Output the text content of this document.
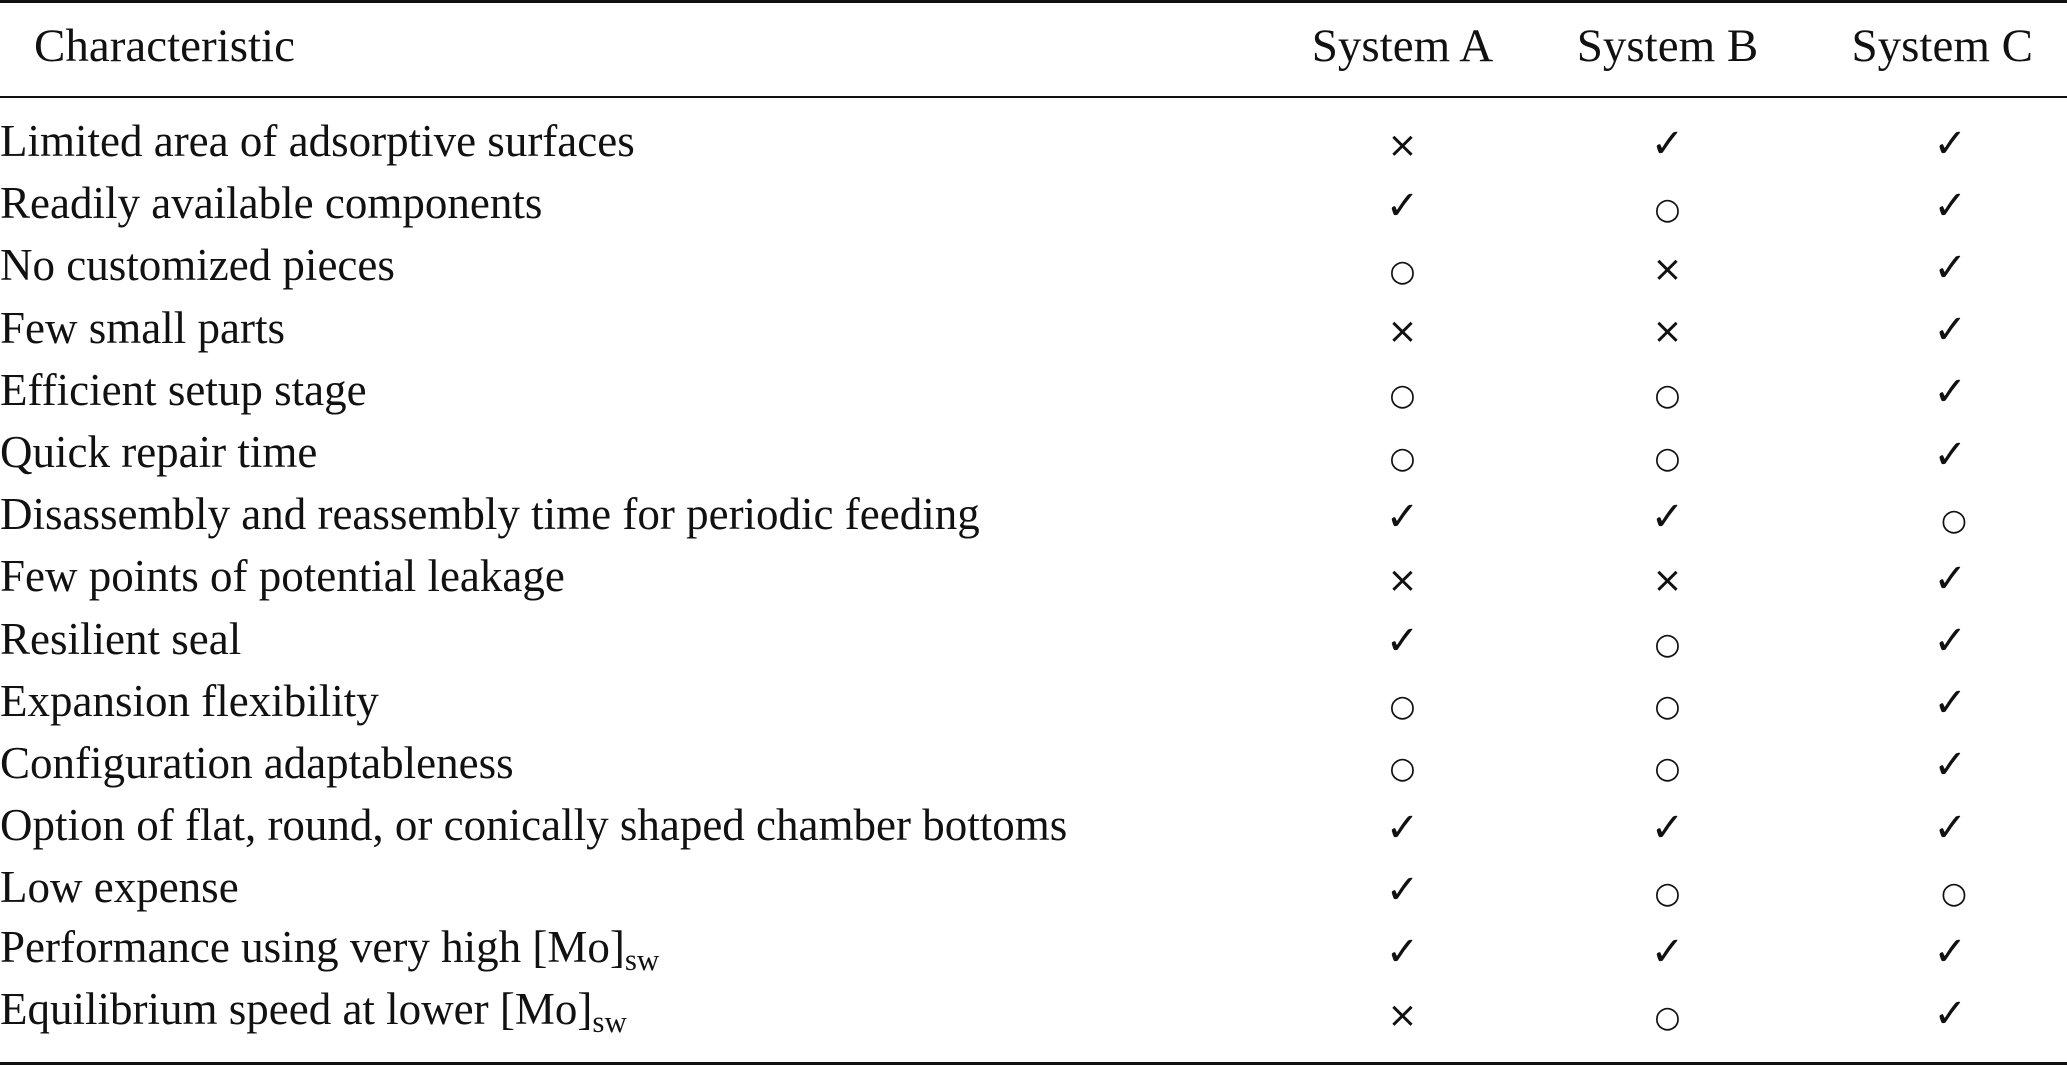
Characteristic	System A	System B	System C

Limited area of adsorptive surfaces	×	✓	✓
Readily available components	✓	○	✓
No customized pieces	○	×	✓
Few small parts	×	×	✓
Efficient setup stage	○	○	✓
Quick repair time	○	○	✓
Disassembly and reassembly time for periodic feeding	✓	✓	○
Few points of potential leakage	×	×	✓
Resilient seal	✓	○	✓
Expansion flexibility	○	○	✓
Configuration adaptableness	○	○	✓
Option of flat, round, or conically shaped chamber bottoms	✓	✓	✓
Low expense	✓	○	○
Performance using very high $[Mo]_{sw}$	✓	✓	✓
Equilibrium speed at lower $[Mo]_{sw}$	×	○	✓
